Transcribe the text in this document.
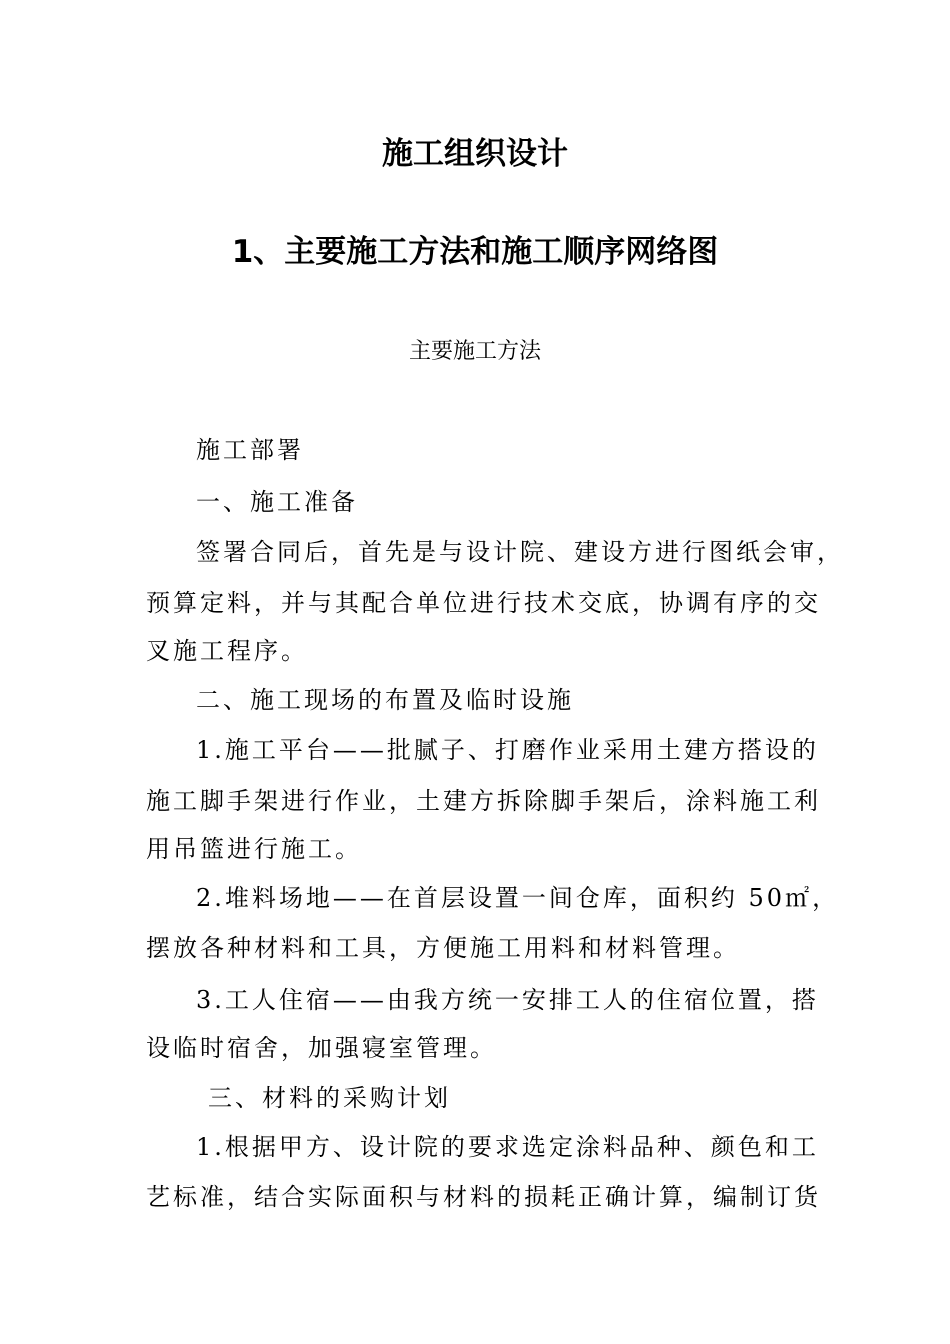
施工组织设计
1、主要施工方法和施工顺序网络图
主要施工方法
施工部署
一、施工准备
签署合同后，首先是与设计院、建设方进行图纸会审，
预算定料，并与其配合单位进行技术交底，协调有序的交
叉施工程序。
二、施工现场的布置及临时设施
1.施工平台——批腻子、打磨作业采用土建方搭设的
施工脚手架进行作业，土建方拆除脚手架后，涂料施工利
用吊篮进行施工。
2.堆料场地——在首层设置一间仓库，面积约 50㎡，
摆放各种材料和工具，方便施工用料和材料管理。
3.工人住宿——由我方统一安排工人的住宿位置，搭
设临时宿舍，加强寝室管理。
三、材料的采购计划
1.根据甲方、设计院的要求选定涂料品种、颜色和工
艺标准，结合实际面积与材料的损耗正确计算，编制订货
